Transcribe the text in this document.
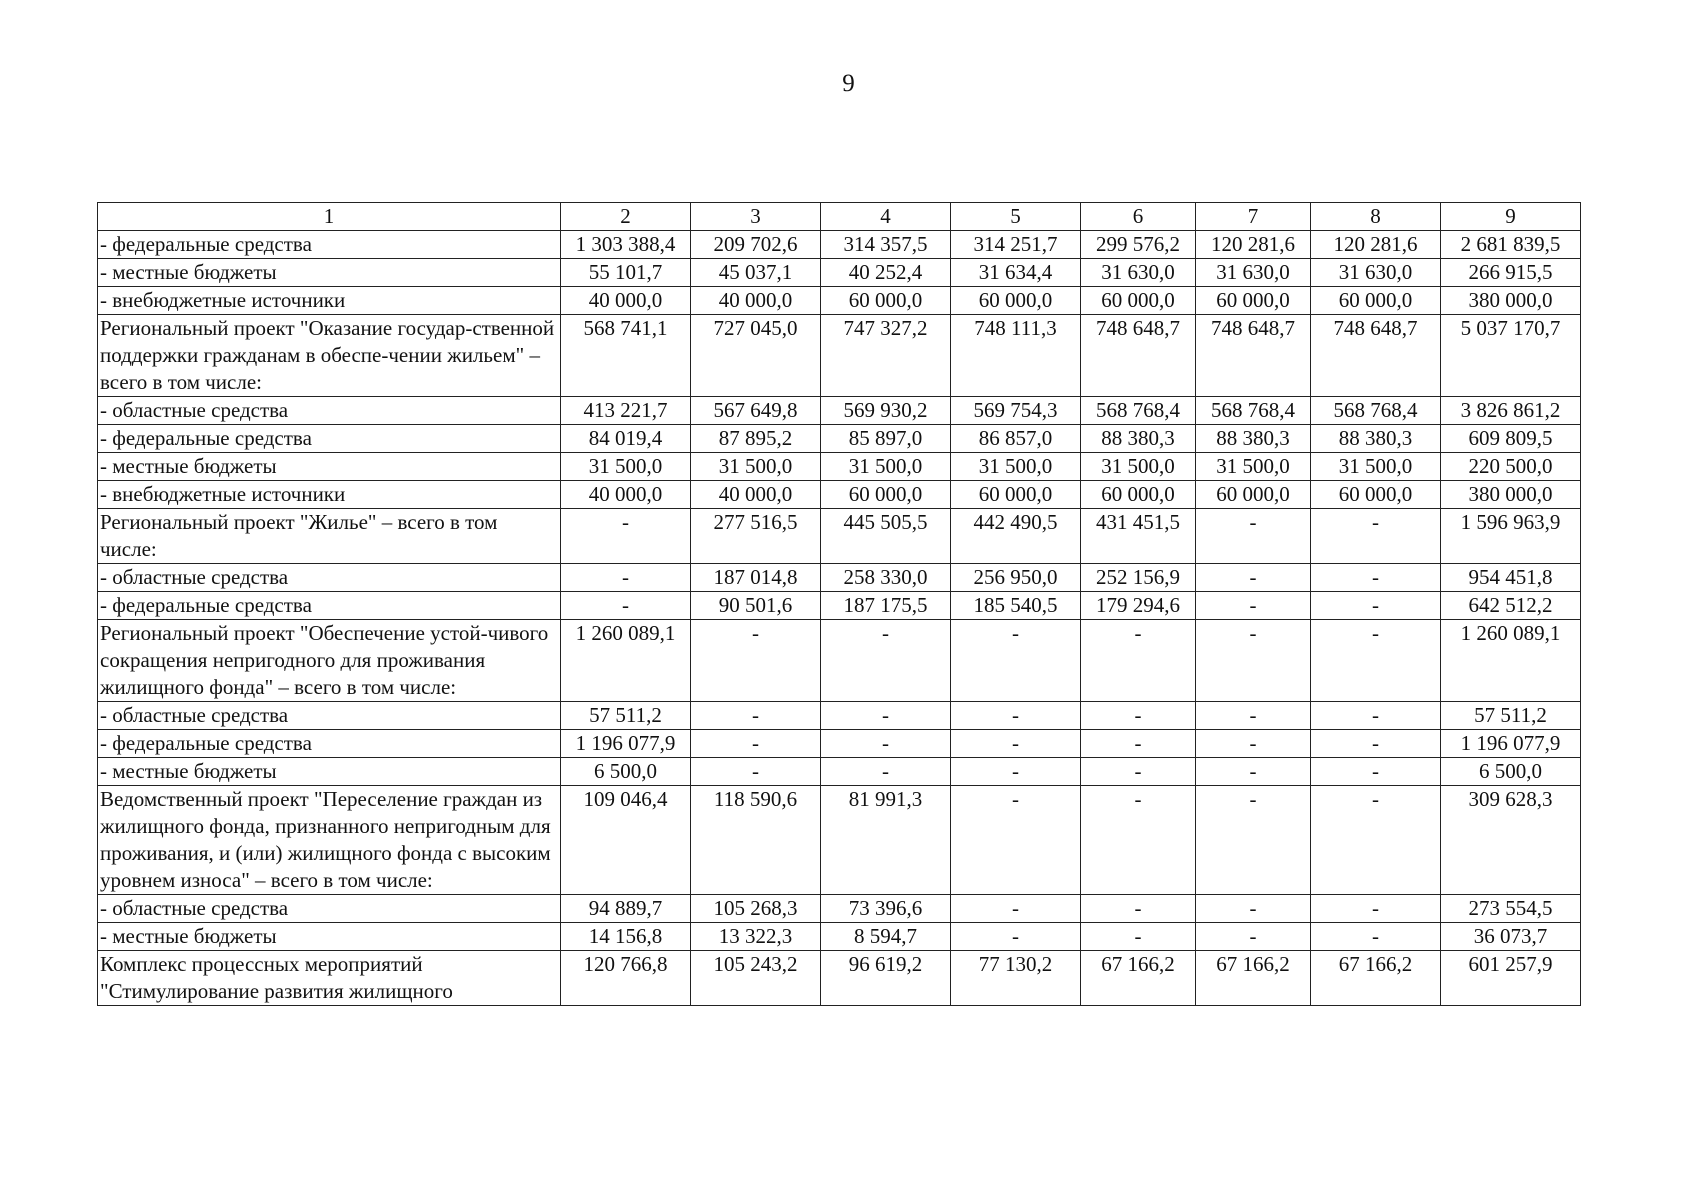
9
1	2	3	4	5	6	7	8	9
- федеральные средства	1 303 388,4	209 702,6	314 357,5	314 251,7	299 576,2	120 281,6	120 281,6	2 681 839,5
- местные бюджеты	55 101,7	45 037,1	40 252,4	31 634,4	31 630,0	31 630,0	31 630,0	266 915,5
- внебюджетные источники	40 000,0	40 000,0	60 000,0	60 000,0	60 000,0	60 000,0	60 000,0	380 000,0
Региональный проект "Оказание государ-ственной поддержки гражданам в обеспе-чении жильем" – всего в том числе:	568 741,1	727 045,0	747 327,2	748 111,3	748 648,7	748 648,7	748 648,7	5 037 170,7
- областные средства	413 221,7	567 649,8	569 930,2	569 754,3	568 768,4	568 768,4	568 768,4	3 826 861,2
- федеральные средства	84 019,4	87 895,2	85 897,0	86 857,0	88 380,3	88 380,3	88 380,3	609 809,5
- местные бюджеты	31 500,0	31 500,0	31 500,0	31 500,0	31 500,0	31 500,0	31 500,0	220 500,0
- внебюджетные источники	40 000,0	40 000,0	60 000,0	60 000,0	60 000,0	60 000,0	60 000,0	380 000,0
Региональный проект "Жилье" – всего в том числе:	-	277 516,5	445 505,5	442 490,5	431 451,5	-	-	1 596 963,9
- областные средства	-	187 014,8	258 330,0	256 950,0	252 156,9	-	-	954 451,8
- федеральные средства	-	90 501,6	187 175,5	185 540,5	179 294,6	-	-	642 512,2
Региональный проект "Обеспечение устой-чивого сокращения непригодного для проживания жилищного фонда" – всего в том числе:	1 260 089,1	-	-	-	-	-	-	1 260 089,1
- областные средства	57 511,2	-	-	-	-	-	-	57 511,2
- федеральные средства	1 196 077,9	-	-	-	-	-	-	1 196 077,9
- местные бюджеты	6 500,0	-	-	-	-	-	-	6 500,0
Ведомственный проект "Переселение граждан из жилищного фонда, признанного непригодным для проживания, и (или) жилищного фонда с высоким уровнем износа" – всего в том числе:	109 046,4	118 590,6	81 991,3	-	-	-	-	309 628,3
- областные средства	94 889,7	105 268,3	73 396,6	-	-	-	-	273 554,5
- местные бюджеты	14 156,8	13 322,3	8 594,7	-	-	-	-	36 073,7
Комплекс процессных мероприятий "Стимулирование развития жилищного	120 766,8	105 243,2	96 619,2	77 130,2	67 166,2	67 166,2	67 166,2	601 257,9
